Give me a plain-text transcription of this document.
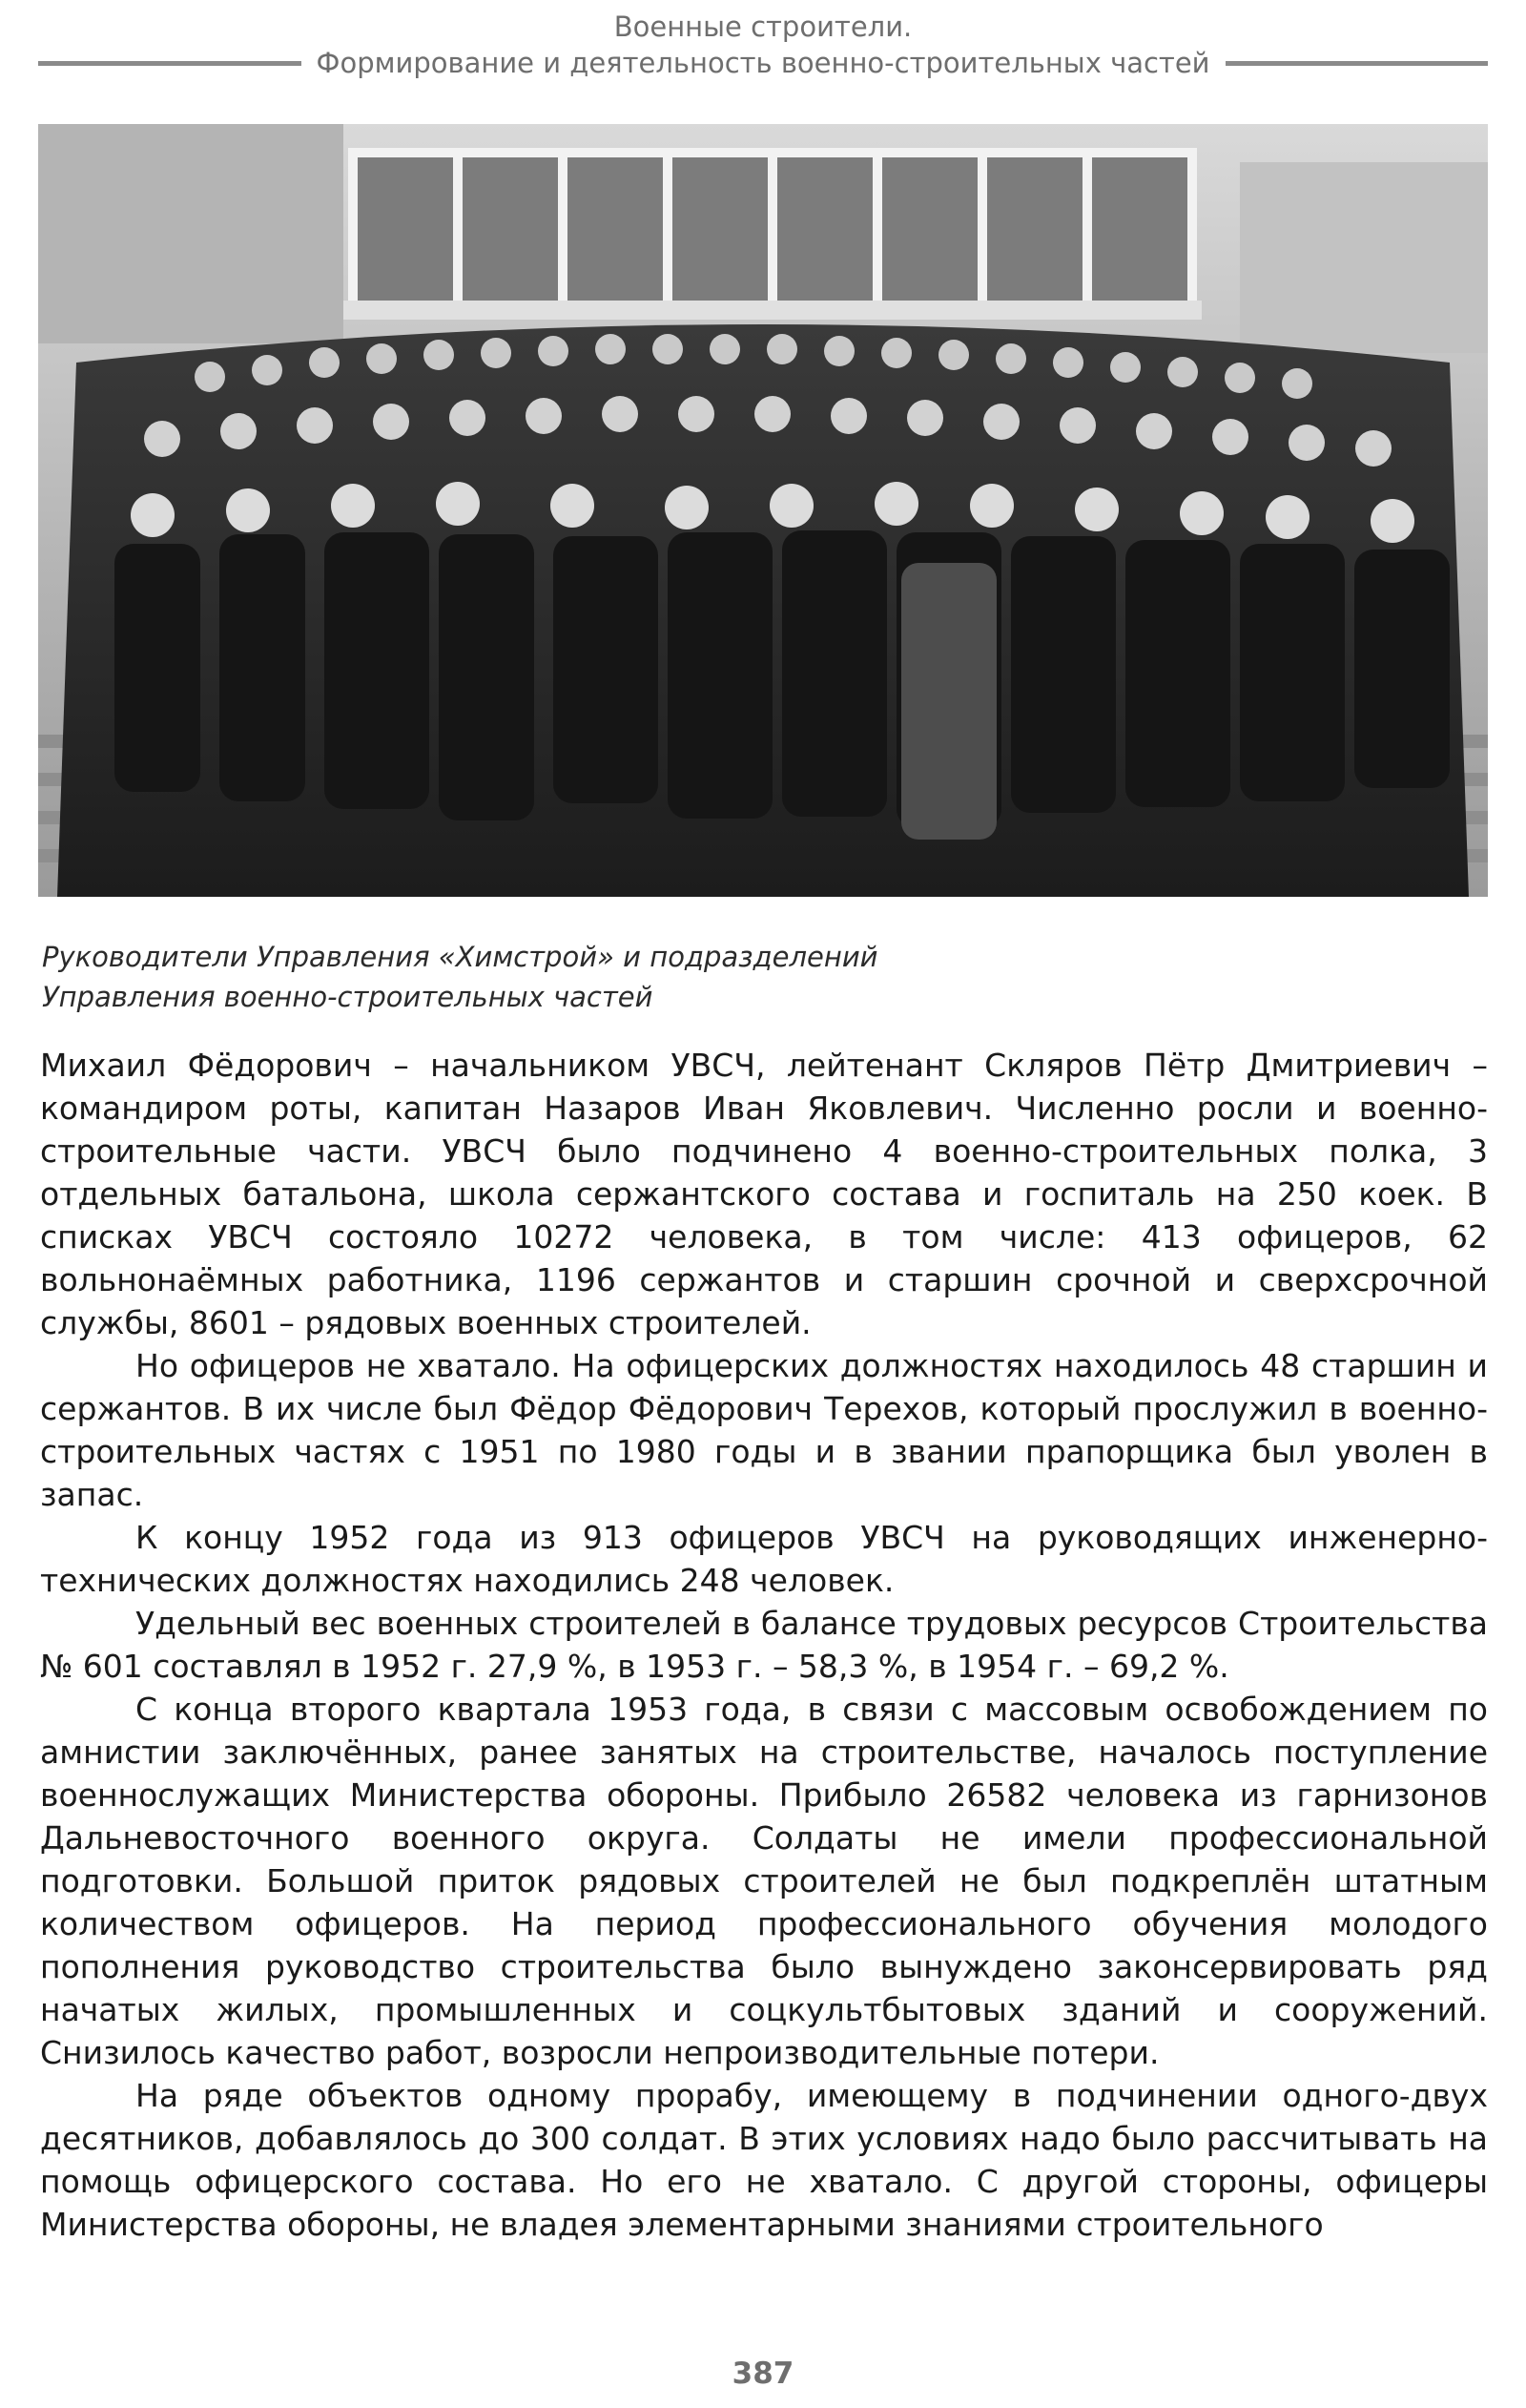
Военные строители.
Формирование и деятельность военно-строительных частей
Руководители Управления «Химстрой» и подразделений
Управления военно-строительных частей

Михаил Фёдорович – начальником УВСЧ, лейтенант Скляров Пётр Дмитриевич – командиром роты, капитан Назаров Иван Яковлевич. Численно росли и военно-строительные части. УВСЧ было подчинено 4 военно-строительных полка, 3 отдельных батальона, школа сержантского состава и госпиталь на 250 коек. В списках УВСЧ состояло 10272 человека, в том числе: 413 офицеров, 62 вольнонаёмных работника, 1196 сержантов и старшин срочной и сверхсрочной службы, 8601 – рядовых военных строителей.

Но офицеров не хватало. На офицерских должностях находилось 48 старшин и сержантов. В их числе был Фёдор Фёдорович Терехов, который прослужил в военно-строительных частях с 1951 по 1980 годы и в звании прапорщика был уволен в запас.

К концу 1952 года из 913 офицеров УВСЧ на руководящих инженерно-технических должностях находились 248 человек.

Удельный вес военных строителей в балансе трудовых ресурсов Строительства № 601 составлял в 1952 г. 27,9 %, в 1953 г. – 58,3 %, в 1954 г. – 69,2 %.

С конца второго квартала 1953 года, в связи с массовым освобождением по амнистии заключённых, ранее занятых на строительстве, началось поступление военнослужащих Министерства обороны. Прибыло 26582 человека из гарнизонов Дальневосточного военного округа. Солдаты не имели профессиональной подготовки. Большой приток рядовых строителей не был подкреплён штатным количеством офицеров. На период профессионального обучения молодого пополнения руководство строительства было вынуждено законсервировать ряд начатых жилых, промышленных и соцкультбытовых зданий и сооружений. Снизилось качество работ, возросли непроизводительные потери.

На ряде объектов одному прорабу, имеющему в подчинении одного-двух десятников, добавлялось до 300 солдат. В этих условиях надо было рассчитывать на помощь офицерского состава. Но его не хватало. С другой стороны, офицеры Министерства обороны, не владея элементарными знаниями строительного

387
